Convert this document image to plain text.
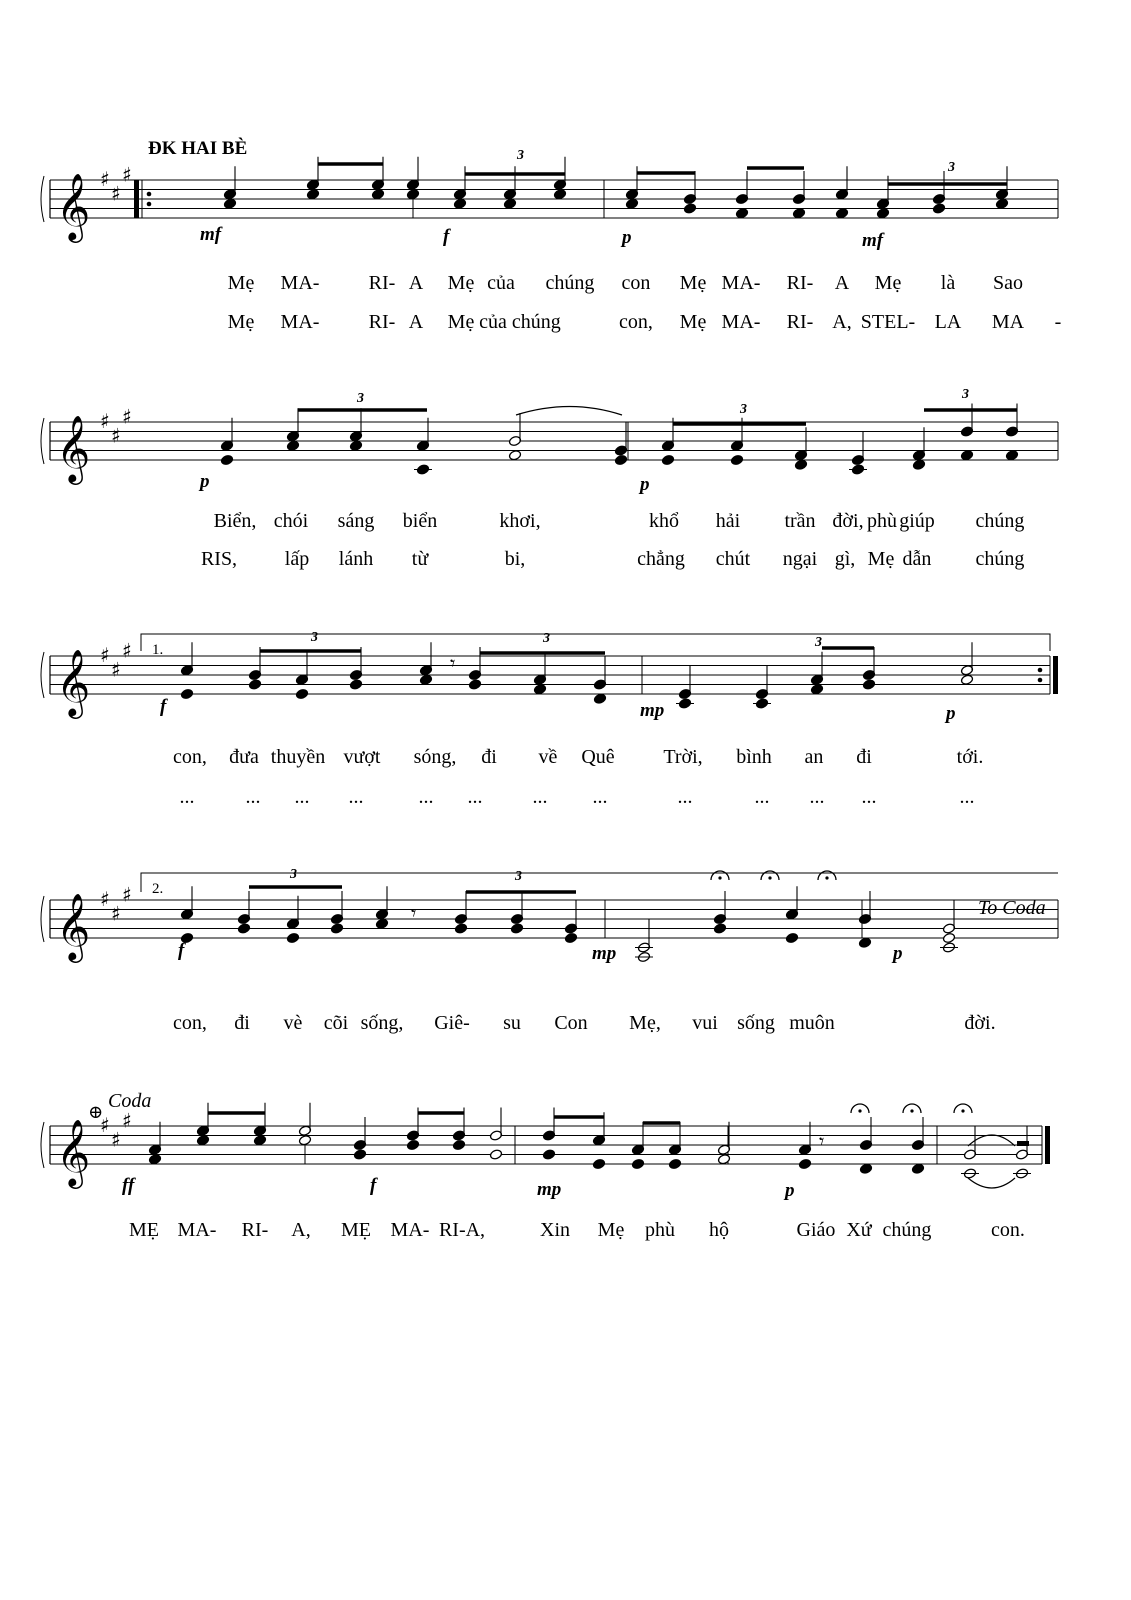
𝄞 ♯
♯
♯
𝄞 ♯
♯
♯
𝄞 ♯
♯
♯
𝄞 ♯
♯
♯
𝄞 ♯
♯
♯
3
3
3
3
3
3	3	3
3	3
mf	f	p	mf
p	p
f	mp	p
f	mp	p
ff	f	mp	p
1.
2.
𝄾
𝄾
𝄾
ĐK HAI BÈ
⊕ Coda
To Coda
Mẹ MA- RI- A Mẹ của chúng con Mẹ MA- RI- A Mẹ là Sao
Mẹ MA- RI- A Mẹ của chúng	con, Mẹ MA- RI- A, STEL- LA MA -
Biển, chói sáng biển	khơi,	khổ hải trần đời, phù giúp chúng
RIS, lấp lánh từ	bi,	chẳng chút ngại gì, Mẹ dẫn chúng
con, đưa thuyền vượt sóng, đi về Quê Trời, bình an đi	tới.
...	... ... ...	... ...	... ...	...	... ... ...	...
con, đi vè cõi sống, Giê- su Con Mẹ, vui sống muôn	đời.
MẸ MA- RI- A, MẸ MA- RI-A,	Xin Mẹ phù hộ	Giáo Xứ chúng	con.
